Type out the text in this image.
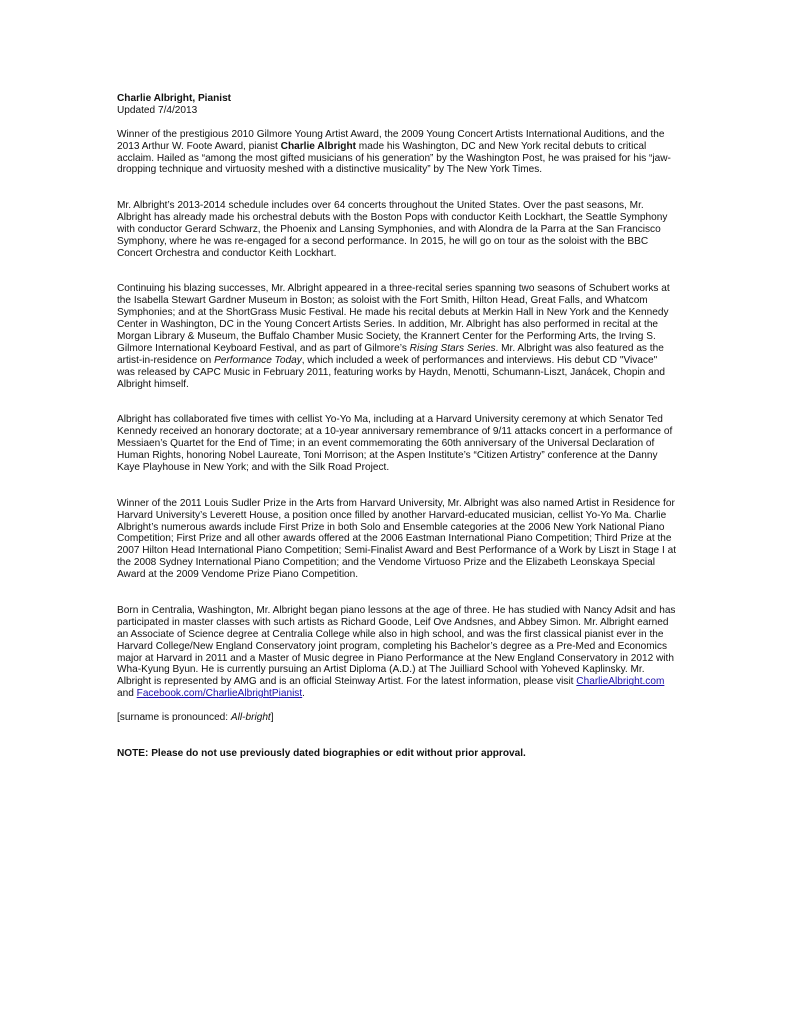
Charlie Albright, Pianist

Updated 7/4/2013

Winner of the prestigious 2010 Gilmore Young Artist Award, the 2009 Young Concert Artists International Auditions, and the 2013 Arthur W. Foote Award, pianist Charlie Albright made his Washington, DC and New York recital debuts to critical acclaim. Hailed as “among the most gifted musicians of his generation” by the Washington Post, he was praised for his “jaw-dropping technique and virtuosity meshed with a distinctive musicality” by The New York Times.

Mr. Albright’s 2013-2014 schedule includes over 64 concerts throughout the United States. Over the past seasons, Mr. Albright has already made his orchestral debuts with the Boston Pops with conductor Keith Lockhart, the Seattle Symphony with conductor Gerard Schwarz, the Phoenix and Lansing Symphonies, and with Alondra de la Parra at the San Francisco Symphony, where he was re-engaged for a second performance. In 2015, he will go on tour as the soloist with the BBC Concert Orchestra and conductor Keith Lockhart.

Continuing his blazing successes, Mr. Albright appeared in a three-recital series spanning two seasons of Schubert works at the Isabella Stewart Gardner Museum in Boston; as soloist with the Fort Smith, Hilton Head, Great Falls, and Whatcom Symphonies; and at the ShortGrass Music Festival. He made his recital debuts at Merkin Hall in New York and the Kennedy Center in Washington, DC in the Young Concert Artists Series. In addition, Mr. Albright has also performed in recital at the Morgan Library & Museum, the Buffalo Chamber Music Society, the Krannert Center for the Performing Arts, the Irving S. Gilmore International Keyboard Festival, and as part of Gilmore’s Rising Stars Series. Mr. Albright was also featured as the artist-in-residence on Performance Today, which included a week of performances and interviews. His debut CD "Vivace" was released by CAPC Music in February 2011, featuring works by Haydn, Menotti, Schumann-Liszt, Janácek, Chopin and Albright himself.

Albright has collaborated five times with cellist Yo-Yo Ma, including at a Harvard University ceremony at which Senator Ted Kennedy received an honorary doctorate; at a 10-year anniversary remembrance of 9/11 attacks concert in a performance of Messiaen’s Quartet for the End of Time; in an event commemorating the 60th anniversary of the Universal Declaration of Human Rights, honoring Nobel Laureate, Toni Morrison; at the Aspen Institute’s “Citizen Artistry” conference at the Danny Kaye Playhouse in New York; and with the Silk Road Project.

Winner of the 2011 Louis Sudler Prize in the Arts from Harvard University, Mr. Albright was also named Artist in Residence for Harvard University’s Leverett House, a position once filled by another Harvard-educated musician, cellist Yo-Yo Ma. Charlie Albright’s numerous awards include First Prize in both Solo and Ensemble categories at the 2006 New York National Piano Competition; First Prize and all other awards offered at the 2006 Eastman International Piano Competition; Third Prize at the 2007 Hilton Head International Piano Competition; Semi-Finalist Award and Best Performance of a Work by Liszt in Stage I at the 2008 Sydney International Piano Competition; and the Vendome Virtuoso Prize and the Elizabeth Leonskaya Special Award at the 2009 Vendome Prize Piano Competition.

Born in Centralia, Washington, Mr. Albright began piano lessons at the age of three. He has studied with Nancy Adsit and has participated in master classes with such artists as Richard Goode, Leif Ove Andsnes, and Abbey Simon. Mr. Albright earned an Associate of Science degree at Centralia College while also in high school, and was the first classical pianist ever in the Harvard College/New England Conservatory joint program, completing his Bachelor’s degree as a Pre-Med and Economics major at Harvard in 2011 and a Master of Music degree in Piano Performance at the New England Conservatory in 2012 with Wha-Kyung Byun. He is currently pursuing an Artist Diploma (A.D.) at The Juilliard School with Yoheved Kaplinsky. Mr. Albright is represented by AMG and is an official Steinway Artist. For the latest information, please visit CharlieAlbright.com and Facebook.com/CharlieAlbrightPianist.

[surname is pronounced: All-bright]

NOTE: Please do not use previously dated biographies or edit without prior approval.
